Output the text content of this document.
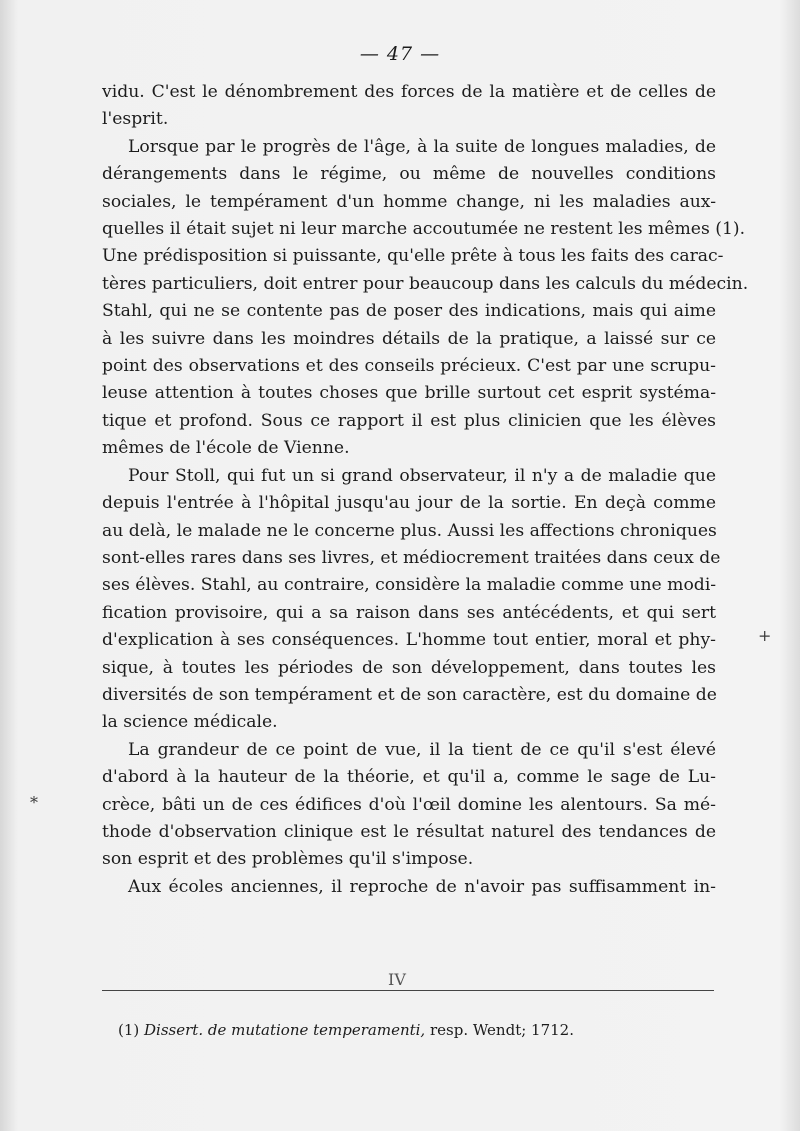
— 47 —
vidu. C'est le dénombrement des forces de la matière et de celles de
l'esprit.
Lorsque par le progrès de l'âge, à la suite de longues maladies, de
dérangements dans le régime, ou même de nouvelles conditions
sociales, le tempérament d'un homme change, ni les maladies aux-
quelles il était sujet ni leur marche accoutumée ne restent les mêmes (1).
Une prédisposition si puissante, qu'elle prête à tous les faits des carac-
tères particuliers, doit entrer pour beaucoup dans les calculs du médecin.
Stahl, qui ne se contente pas de poser des indications, mais qui aime
à les suivre dans les moindres détails de la pratique, a laissé sur ce
point des observations et des conseils précieux. C'est par une scrupu-
leuse attention à toutes choses que brille surtout cet esprit systéma-
tique et profond. Sous ce rapport il est plus clinicien que les élèves
mêmes de l'école de Vienne.
Pour Stoll, qui fut un si grand observateur, il n'y a de maladie que
depuis l'entrée à l'hôpital jusqu'au jour de la sortie. En deçà comme
au delà, le malade ne le concerne plus. Aussi les affections chroniques
sont-elles rares dans ses livres, et médiocrement traitées dans ceux de
ses élèves. Stahl, au contraire, considère la maladie comme une modi-
fication provisoire, qui a sa raison dans ses antécédents, et qui sert
d'explication à ses conséquences. L'homme tout entier, moral et phy-
sique, à toutes les périodes de son développement, dans toutes les
diversités de son tempérament et de son caractère, est du domaine de
la science médicale.
La grandeur de ce point de vue, il la tient de ce qu'il s'est élevé
d'abord à la hauteur de la théorie, et qu'il a, comme le sage de Lu-
crèce, bâti un de ces édifices d'où l'œil domine les alentours. Sa mé-
thode d'observation clinique est le résultat naturel des tendances de
son esprit et des problèmes qu'il s'impose.
Aux écoles anciennes, il reproche de n'avoir pas suffisamment in-
+
*
IV
(1) Dissert. de mutatione temperamenti, resp. Wendt; 1712.
